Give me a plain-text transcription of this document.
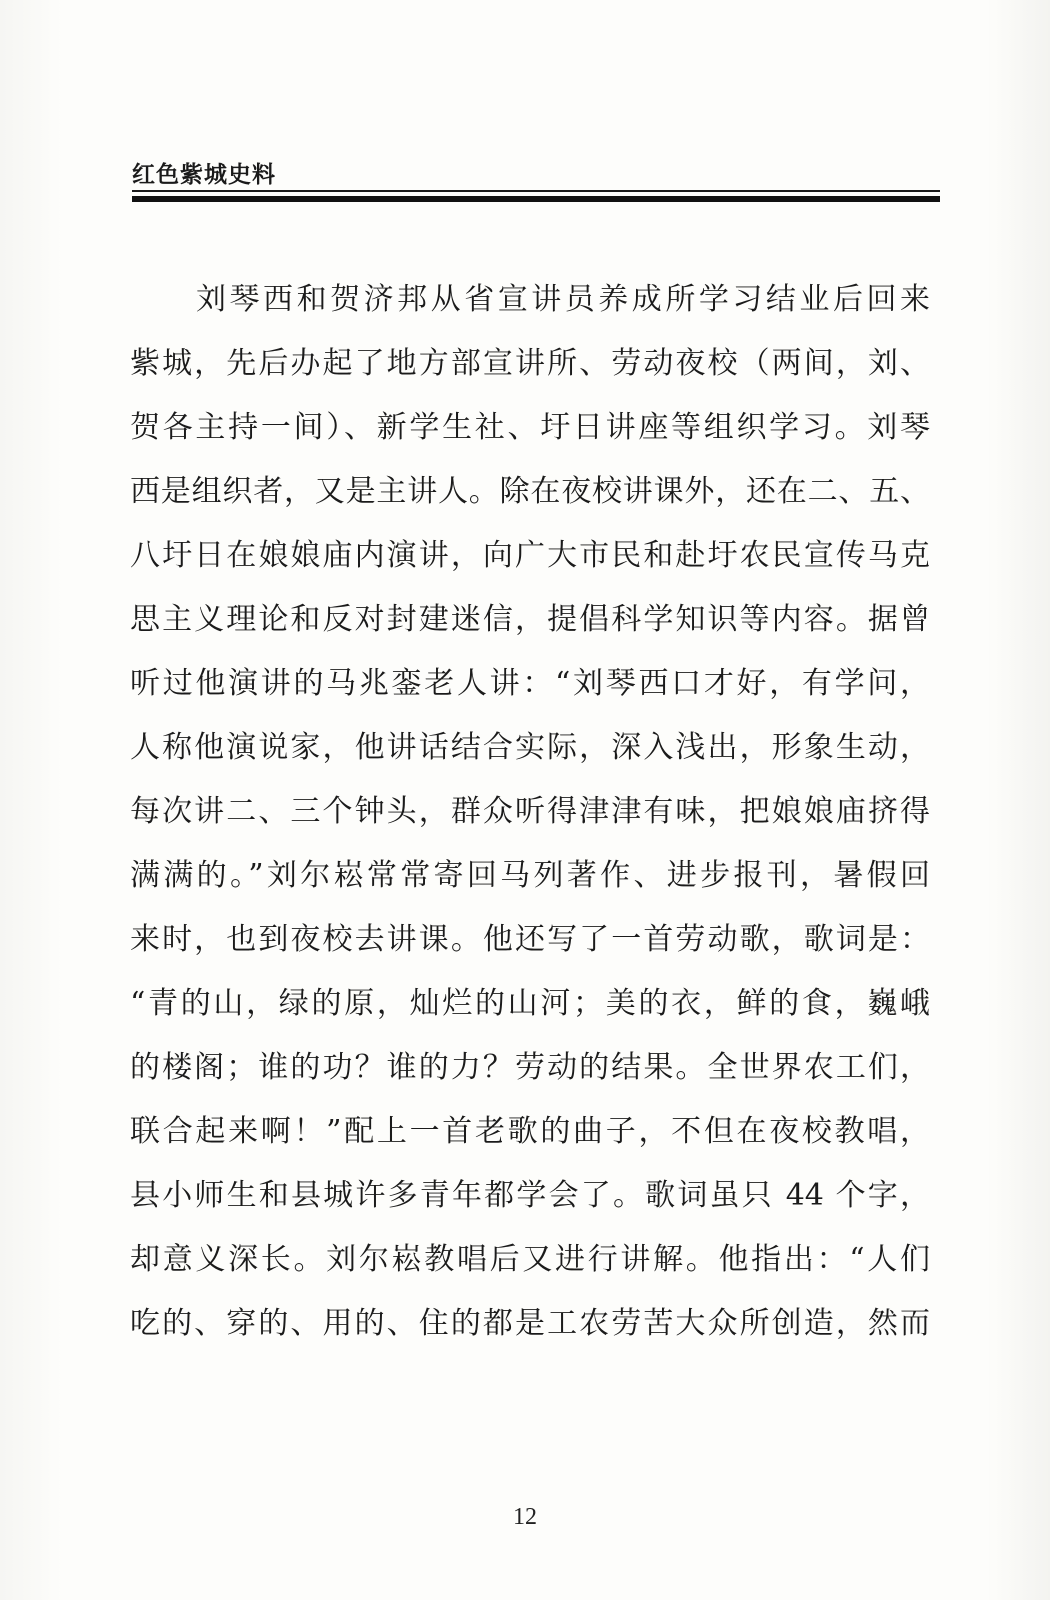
红色紫城史料
刘琴西和贺济邦从省宣讲员养成所学习结业后回来
紫城，先后办起了地方部宣讲所、劳动夜校（两间，刘、
贺各主持一间）、新学生社、圩日讲座等组织学习。刘琴
西是组织者，又是主讲人。除在夜校讲课外，还在二、五、
八圩日在娘娘庙内演讲，向广大市民和赴圩农民宣传马克
思主义理论和反对封建迷信，提倡科学知识等内容。据曾
听过他演讲的马兆銮老人讲：“刘琴西口才好，有学问，
人称他演说家，他讲话结合实际，深入浅出，形象生动，
每次讲二、三个钟头，群众听得津津有味，把娘娘庙挤得
满满的。”刘尔崧常常寄回马列著作、进步报刊，暑假回
来时，也到夜校去讲课。他还写了一首劳动歌，歌词是：
“青的山，绿的原，灿烂的山河；美的衣，鲜的食，巍峨
的楼阁；谁的功？谁的力？劳动的结果。全世界农工们，
联合起来啊！”配上一首老歌的曲子，不但在夜校教唱，
县小师生和县城许多青年都学会了。歌词虽只 44 个字，
却意义深长。刘尔崧教唱后又进行讲解。他指出：“人们
吃的、穿的、用的、住的都是工农劳苦大众所创造，然而
12
